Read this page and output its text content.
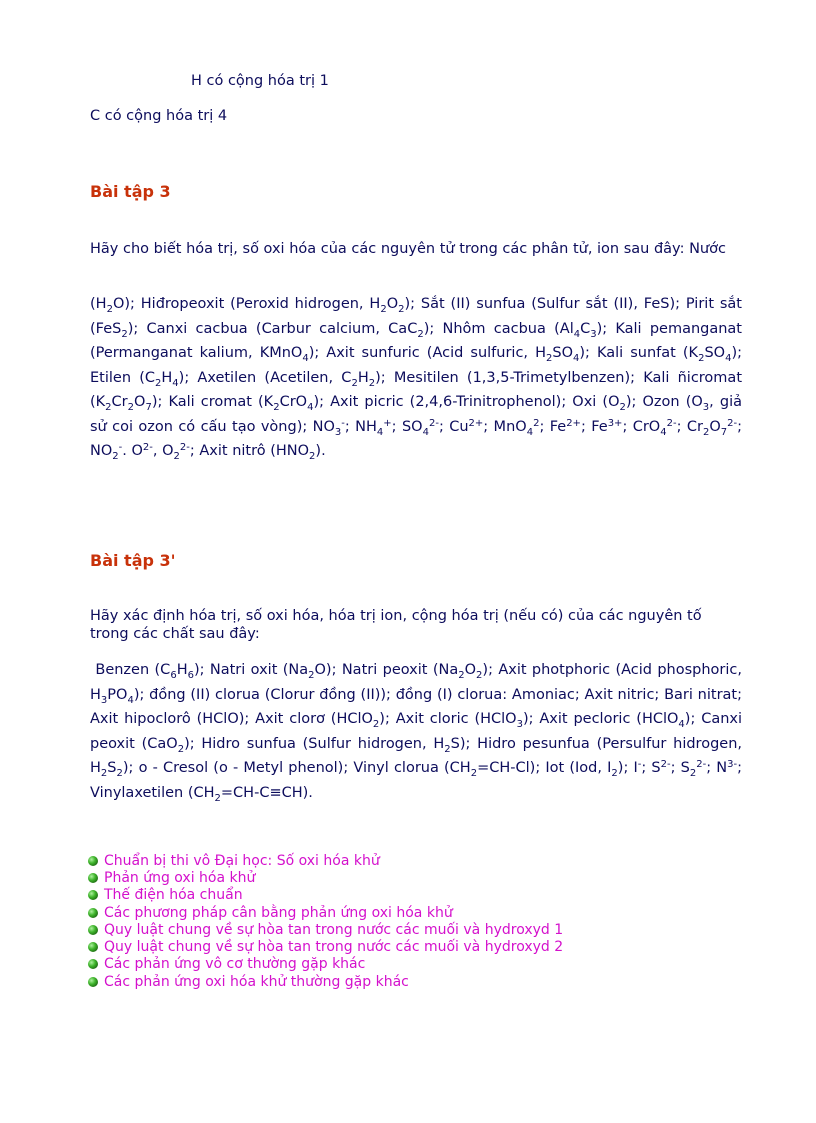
H có cộng hóa trị 1
C có cộng hóa trị 4
Bài tập 3
Hãy cho biết hóa trị, số oxi hóa của các nguyên tử trong các phân tử, ion sau đây: Nước
$(H_2O)$; Hiđropeoxit (Peroxid hidrogen, $H_2O_2$); Sắt (II) sunfua (Sulfur sắt (II), FeS); Pirit sắt (FeS$_2$); Canxi cacbua (Carbur calcium, CaC$_2$); Nhôm cacbua $(Al_4C_3)$; Kali pemanganat (Permanganat kalium, KMnO$_4$); Axit sunfuric (Acid sulfuric, $H_2SO_4$); Kali sunfat $(K_2SO_4)$; Etilen $(C_2H_4)$; Axetilen (Acetilen, $C_2H_2$); Mesitilen (1,3,5-Trimetylbenzen); Kali ñicromat $(K_2Cr_2O_7)$; Kali cromat $(K_2CrO_4)$; Axit picric (2,4,6-Trinitrophenol); Oxi $(O_2)$; Ozon ($O_3$, giả sử coi ozon có cấu tạo vòng); $NO_3^-$; $NH_4^+$; $SO_4^{2-}$; $Cu^{2+}$; MnO$_4^2$; $Fe^{2+}$; $Fe^{3+}$; CrO$_4^{2-}$; $Cr_2O_7^{2-}$; $NO_2^-$. $O^{2-}$, $O_2^{2-}$; Axit nitrô $(HNO_2)$.
Bài tập 3'
Hãy xác định hóa trị, số oxi hóa, hóa trị ion, cộng hóa trị (nếu có) của các nguyên tố trong các chất sau đây:
Benzen $(C_6H_6)$; Natri oxit $(Na_2O)$; Natri peoxit $(Na_2O_2)$; Axit photphoric (Acid phosphoric, $H_3PO_4$); đồng (II) clorua (Clorur đồng (II)); đồng (I) clorua: Amoniac; Axit nitric; Bari nitrat; Axit hipoclorô (HClO); Axit clorơ (HClO$_2$); Axit cloric (HClO$_3$); Axit pecloric (HClO$_4$); Canxi peoxit (CaO$_2$); Hidro sunfua (Sulfur hidrogen, $H_2S$); Hidro pesunfua (Persulfur hidrogen, $H_2S_2$); o - Cresol (o - Metyl phenol); Vinyl clorua $(CH_2=CH-Cl)$; Iot (Iod, $I_2$); I-; $S^{2-}$; $S_2^{2-}$; $N^{3-}$; Vinylaxetilen $(CH_2=CH-C\equiv CH)$.
Chuẩn bị thi vô Đại học: Số oxi hóa khử
Phản ứng oxi hóa khử
Thế điện hóa chuẩn
Các phương pháp cân bằng phản ứng oxi hóa khử
Quy luật chung về sự hòa tan trong nước các muối và hydroxyd 1
Quy luật chung về sự hòa tan trong nước các muối và hydroxyd 2
Các phản ứng vô cơ thường gặp khác
Các phản ứng oxi hóa khử thường gặp khác
